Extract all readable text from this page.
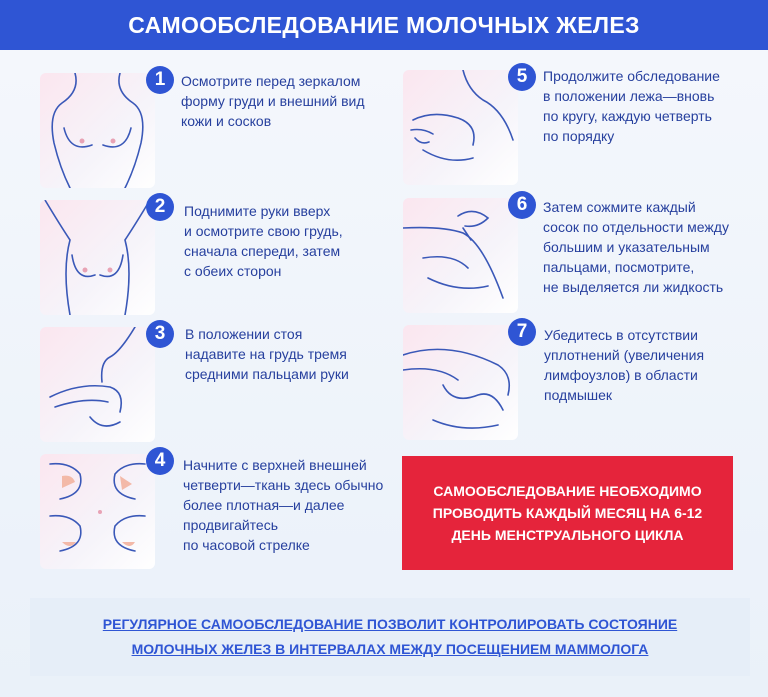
САМООБСЛЕДОВАНИЕ МОЛОЧНЫХ ЖЕЛЕЗ
1	Осмотрите перед зеркалом
форму груди и внешний вид
кожи и сосков
2	Поднимите руки вверх
и осмотрите свою грудь,
сначала спереди, затем
с обеих сторон
3	В положении стоя
надавите на грудь тремя
средними пальцами руки
4	Начните с верхней внешней
четверти—ткань здесь обычно
более плотная—и далее
продвигайтесь
по часовой стрелке
5	Продолжите обследование
в положении лежа—вновь
по кругу, каждую четверть
по порядку
6	Затем сожмите каждый
сосок по отдельности между
большим и указательным
пальцами, посмотрите,
не выделяется ли жидкость
7	Убедитесь в отсутствии
уплотнений (увеличения
лимфоузлов) в области
подмышек
САМООБСЛЕДОВАНИЕ НЕОБХОДИМО
ПРОВОДИТЬ КАЖДЫЙ МЕСЯЦ НА 6-12
ДЕНЬ МЕНСТРУАЛЬНОГО ЦИКЛА
РЕГУЛЯРНОЕ САМООБСЛЕДОВАНИЕ ПОЗВОЛИТ КОНТРОЛИРОВАТЬ СОСТОЯНИЕ
МОЛОЧНЫХ ЖЕЛЕЗ В ИНТЕРВАЛАХ МЕЖДУ ПОСЕЩЕНИЕМ МАММОЛОГА
